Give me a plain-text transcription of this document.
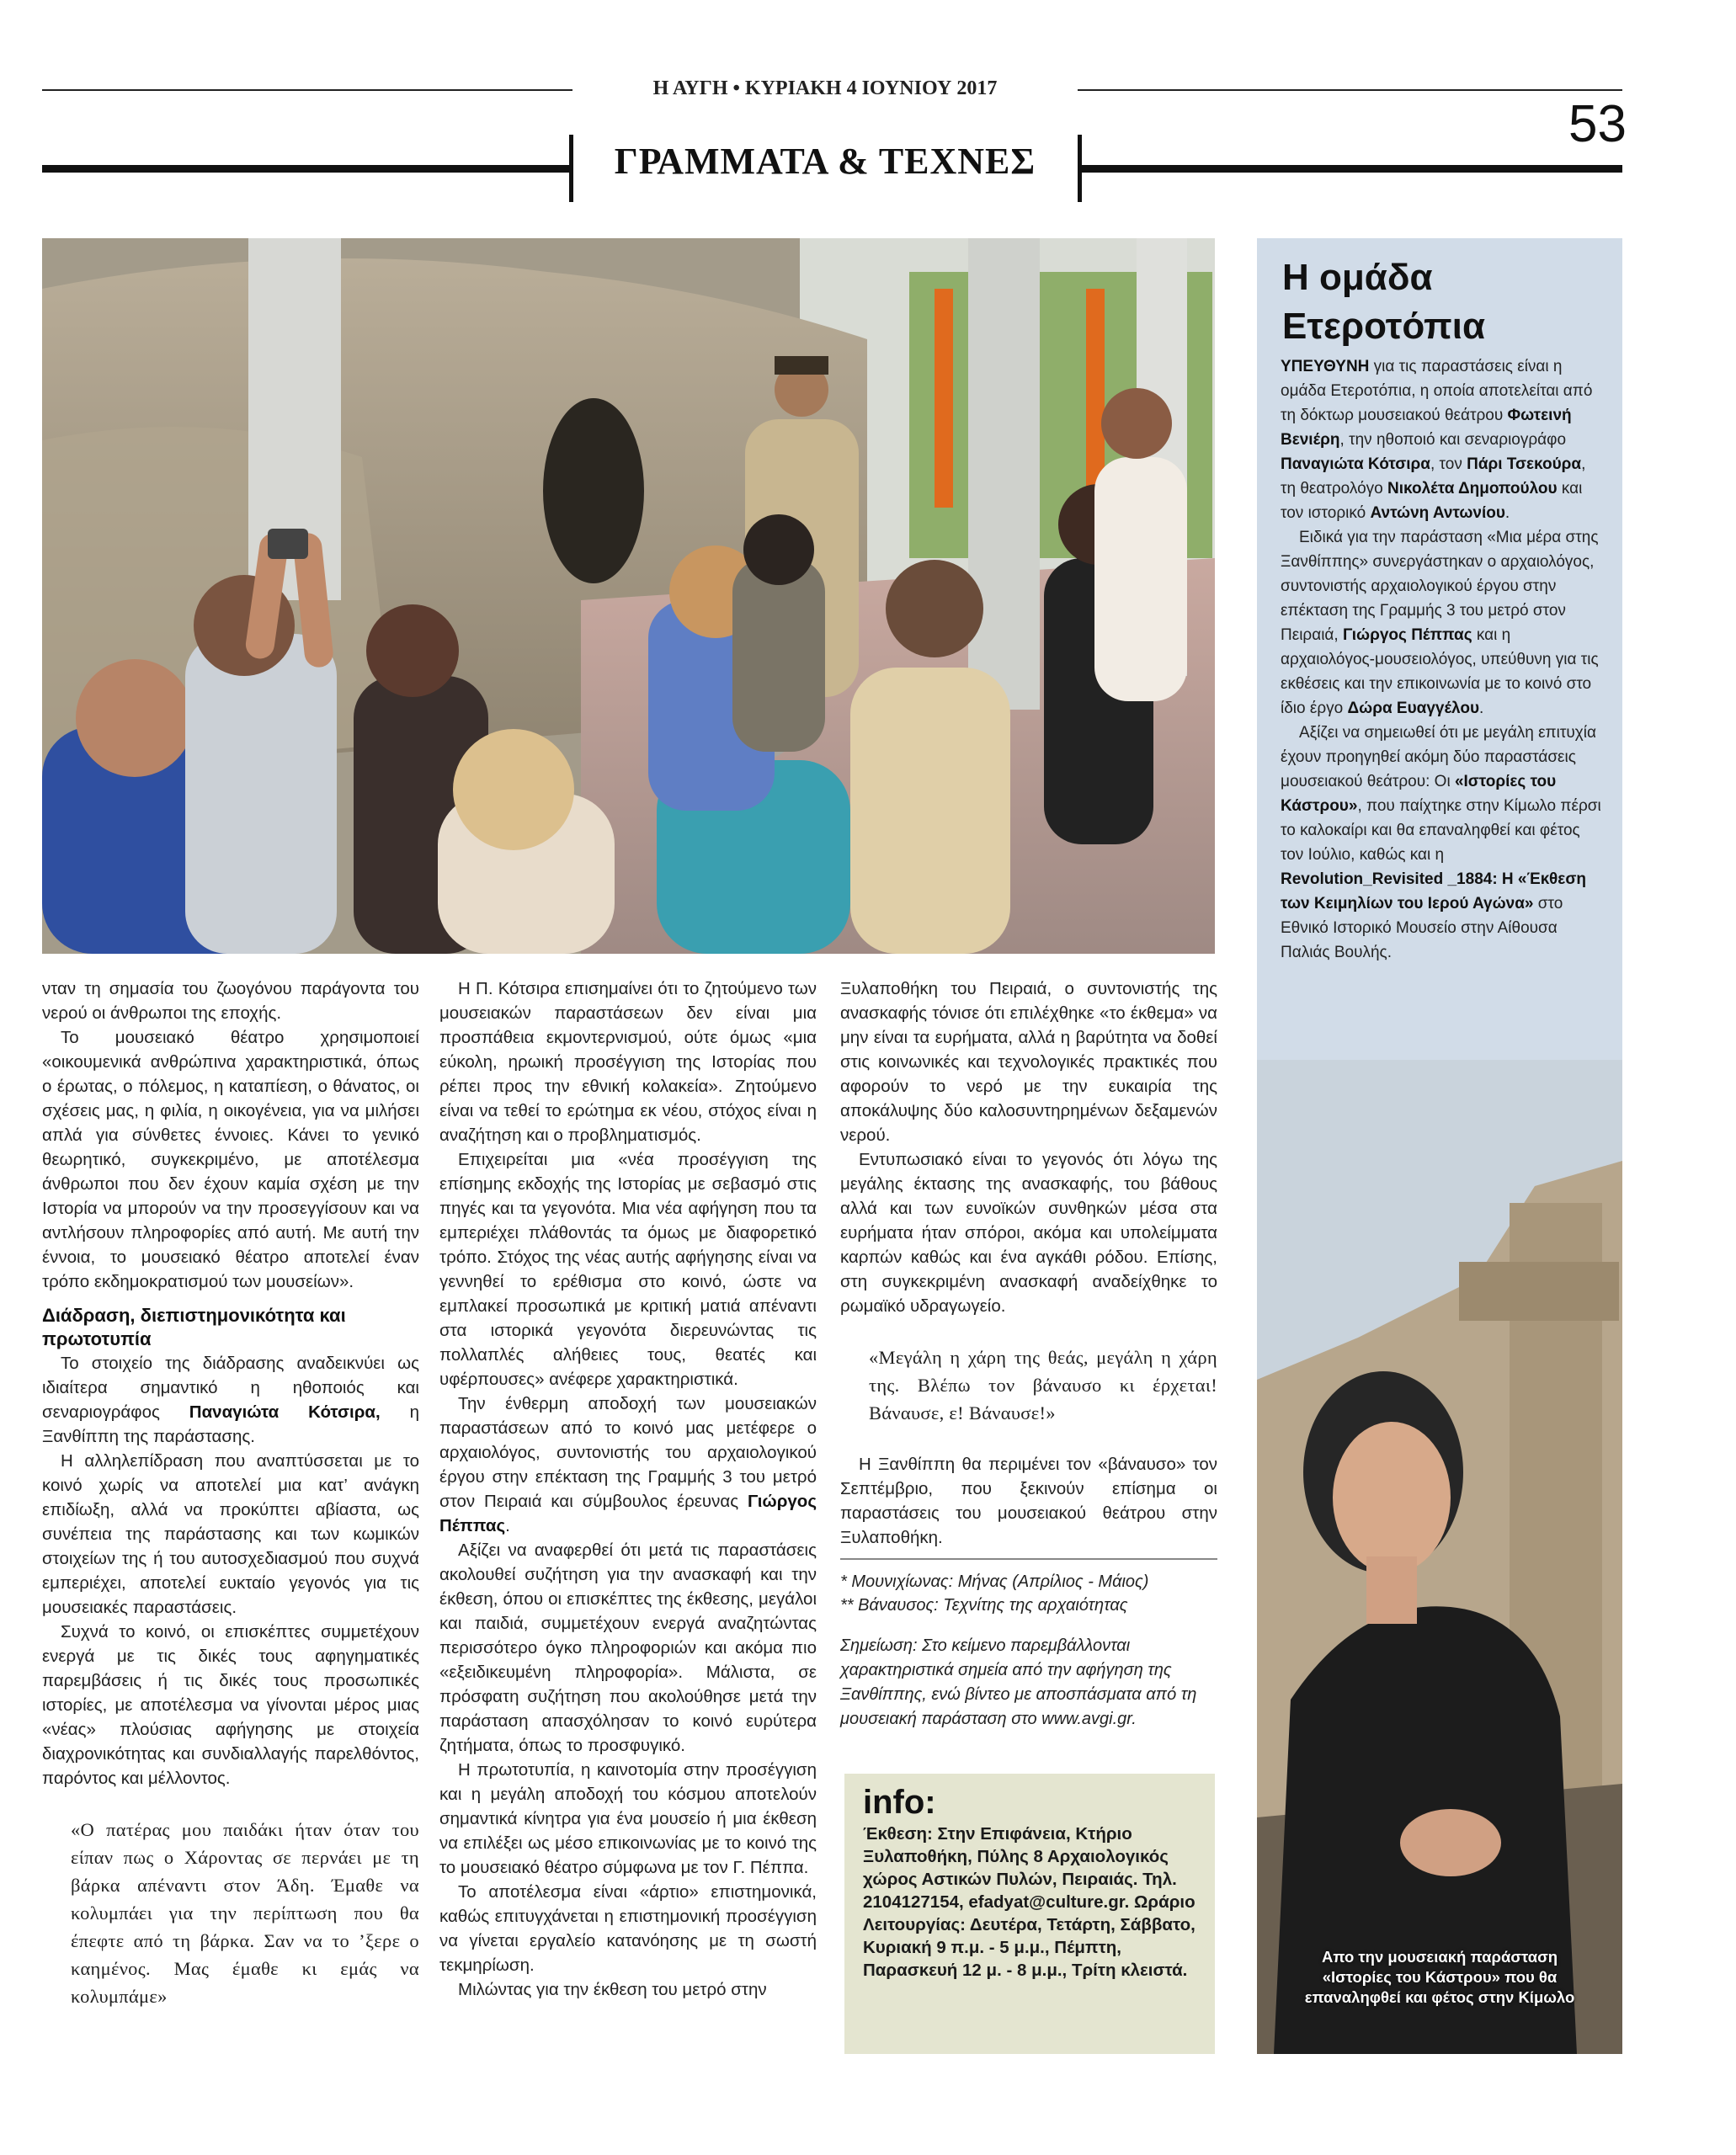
Η ΑΥΓΗ • ΚΥΡΙΑΚΗ 4 ΙΟΥΝΙΟΥ 2017
53
ΓΡΑΜΜΑΤΑ & ΤΕΧΝΕΣ
Η ομάδα Ετεροτόπια

ΥΠΕΥΘΥΝΗ για τις παραστάσεις είναι η ομάδα Ετεροτόπια, η οποία αποτελείται από τη δόκτωρ μουσειακού θεάτρου Φωτεινή Βενιέρη, την ηθοποιό και σεναριογράφο Παναγιώτα Κότσιρα, τον Πάρι Τσεκούρα, τη θεατρολόγο Νικολέτα Δημοπούλου και τον ιστορικό Αντώνη Αντωνίου.

Ειδικά για την παράσταση «Μια μέρα στης Ξανθίππης» συνεργάστηκαν ο αρχαιολόγος, συντονιστής αρχαιολογικού έργου στην επέκταση της Γραμμής 3 του μετρό στον Πειραιά, Γιώργος Πέππας και η αρχαιολόγος-μουσειολόγος, υπεύθυνη για τις εκθέσεις και την επικοινωνία με το κοινό στο ίδιο έργο Δώρα Ευαγγέλου.

Αξίζει να σημειωθεί ότι με μεγάλη επιτυχία έχουν προηγηθεί ακόμη δύο παραστάσεις μουσειακού θεάτρου: Οι «Ιστορίες του Κάστρου», που παίχτηκε στην Κίμωλο πέρσι το καλοκαίρι και θα επαναληφθεί και φέτος τον Ιούλιο, καθώς και η Revolution_Revisited _1884: Η «Έκθεση των Κειμηλίων του Ιερού Αγώνα» στο Εθνικό Ιστορικό Μουσείο στην Αίθουσα Παλιάς Βουλής.

Απο την μουσειακή παράσταση «Ιστορίες του Κάστρου» που θα επαναληφθεί και φέτος στην Κίμωλο

νταν τη σημασία του ζωογόνου παράγοντα του νερού οι άνθρωποι της εποχής.

Το μουσειακό θέατρο χρησιμοποιεί «οικουμενικά ανθρώπινα χαρακτηριστικά, όπως ο έρωτας, ο πόλεμος, η καταπίεση, ο θάνατος, οι σχέσεις μας, η φιλία, η οικογένεια, για να μιλήσει απλά για σύνθετες έννοιες. Κάνει το γενικό θεωρητικό, συγκεκριμένο, με αποτέλεσμα άνθρωποι που δεν έχουν καμία σχέση με την Ιστορία να μπορούν να την προσεγγίσουν και να αντλήσουν πληροφορίες από αυτή. Με αυτή την έννοια, το μουσειακό θέατρο αποτελεί έναν τρόπο εκδημοκρατισμού των μουσείων».

Διάδραση, διεπιστημονικότητα και πρωτοτυπία

Το στοιχείο της διάδρασης αναδεικνύει ως ιδιαίτερα σημαντικό η ηθοποιός και σεναριογράφος Παναγιώτα Κότσιρα, η Ξανθίππη της παράστασης.

Η αλληλεπίδραση που αναπτύσσεται με το κοινό χωρίς να αποτελεί μια κατ’ ανάγκη επιδίωξη, αλλά να προκύπτει αβίαστα, ως συνέπεια της παράστασης και των κωμικών στοιχείων της ή του αυτοσχεδιασμού που συχνά εμπεριέχει, αποτελεί ευκταίο γεγονός για τις μουσειακές παραστάσεις.

Συχνά το κοινό, οι επισκέπτες συμμετέχουν ενεργά με τις δικές τους αφηγηματικές παρεμβάσεις ή τις δικές τους προσωπικές ιστορίες, με αποτέλεσμα να γίνονται μέρος μιας «νέας» πλούσιας αφήγησης με στοιχεία διαχρονικότητας και συνδιαλλαγής παρελθόντος, παρόντος και μέλλοντος.

«Ο πατέρας μου παιδάκι ήταν όταν του είπαν πως ο Χάροντας σε περνάει με τη βάρκα απέναντι στον Άδη. Έμαθε να κολυμπάει για την περίπτωση που θα έπεφτε από τη βάρκα. Σαν να το ’ξερε ο καημένος. Μας έμαθε κι εμάς να κολυμπάμε»

Η Π. Κότσιρα επισημαίνει ότι το ζητούμενο των μουσειακών παραστάσεων δεν είναι μια προσπάθεια εκμοντερνισμού, ούτε όμως «μια εύκολη, ηρωική προσέγγιση της Ιστορίας που ρέπει προς την εθνική κολακεία». Ζητούμενο είναι να τεθεί το ερώτημα εκ νέου, στόχος είναι η αναζήτηση και ο προβληματισμός.

Επιχειρείται μια «νέα προσέγγιση της επίσημης εκδοχής της Ιστορίας με σεβασμό στις πηγές και τα γεγονότα. Μια νέα αφήγηση που τα εμπεριέχει πλάθοντάς τα όμως με διαφορετικό τρόπο. Στόχος της νέας αυτής αφήγησης είναι να γεννηθεί το ερέθισμα στο κοινό, ώστε να εμπλακεί προσωπικά με κριτική ματιά απέναντι στα ιστορικά γεγονότα διερευνώντας τις πολλαπλές αλήθειες τους, θεατές και υφέρπουσες» ανέφερε χαρακτηριστικά.

Την ένθερμη αποδοχή των μουσειακών παραστάσεων από το κοινό μας μετέφερε ο αρχαιολόγος, συντονιστής του αρχαιολογικού έργου στην επέκταση της Γραμμής 3 του μετρό στον Πειραιά και σύμβουλος έρευνας Γιώργος Πέππας.

Αξίζει να αναφερθεί ότι μετά τις παραστάσεις ακολουθεί συζήτηση για την ανασκαφή και την έκθεση, όπου οι επισκέπτες της έκθεσης, μεγάλοι και παιδιά, συμμετέχουν ενεργά αναζητώντας περισσότερο όγκο πληροφοριών και ακόμα πιο «εξειδικευμένη πληροφορία». Μάλιστα, σε πρόσφατη συζήτηση που ακολούθησε μετά την παράσταση απασχόλησαν το κοινό ευρύτερα ζητήματα, όπως το προσφυγικό.

Η πρωτοτυπία, η καινοτομία στην προσέγγιση και η μεγάλη αποδοχή του κόσμου αποτελούν σημαντικά κίνητρα για ένα μουσείο ή μια έκθεση να επιλέξει ως μέσο επικοινωνίας με το κοινό της το μουσειακό θέατρο σύμφωνα με τον Γ. Πέππα.

Το αποτέλεσμα είναι «άρτιο» επιστημονικά, καθώς επιτυγχάνεται η επιστημονική προσέγγιση να γίνεται εργαλείο κατανόησης με τη σωστή τεκμηρίωση.

Μιλώντας για την έκθεση του μετρό στην

Ξυλαποθήκη του Πειραιά, ο συντονιστής της ανασκαφής τόνισε ότι επιλέχθηκε «το έκθεμα» να μην είναι τα ευρήματα, αλλά η βαρύτητα να δοθεί στις κοινωνικές και τεχνολογικές πρακτικές που αφορούν το νερό με την ευκαιρία της αποκάλυψης δύο καλοσυντηρημένων δεξαμενών νερού.

Εντυπωσιακό είναι το γεγονός ότι λόγω της μεγάλης έκτασης της ανασκαφής, του βάθους αλλά και των ευνοϊκών συνθηκών μέσα στα ευρήματα ήταν σπόροι, ακόμα και υπολείμματα καρπών καθώς και ένα αγκάθι ρόδου. Επίσης, στη συγκεκριμένη ανασκαφή αναδείχθηκε το ρωμαϊκό υδραγωγείο.

«Μεγάλη η χάρη της θεάς, μεγάλη η χάρη της. Βλέπω τον βάναυσο κι έρχεται! Βάναυσε, ε! Βάναυσε!»

Η Ξανθίππη θα περιμένει τον «βάναυσο» τον Σεπτέμβριο, που ξεκινούν επίσημα οι παραστάσεις του μουσειακού θεάτρου στην Ξυλαποθήκη.

* Μουνιχίωνας: Μήνας (Απρίλιος - Μάιος)
** Βάναυσος: Τεχνίτης της αρχαιότητας
Σημείωση: Στο κείμενο παρεμβάλλονται χαρακτηριστικά σημεία από την αφήγηση της Ξανθίππης, ενώ βίντεο με αποσπάσματα από τη μουσειακή παράσταση στο www.avgi.gr.
info:
Έκθεση: Στην Επιφάνεια, Κτήριο Ξυλαποθήκη, Πύλης 8 Αρχαιολογικός χώρος Αστικών Πυλών, Πειραιάς. Τηλ. 2104127154, efadyat@culture.gr. Ωράριο Λειτουργίας: Δευτέρα, Τετάρτη, Σάββατο, Κυριακή 9 π.μ. - 5 μ.μ., Πέμπτη, Παρασκευή 12 μ. - 8 μ.μ., Τρίτη κλειστά.
